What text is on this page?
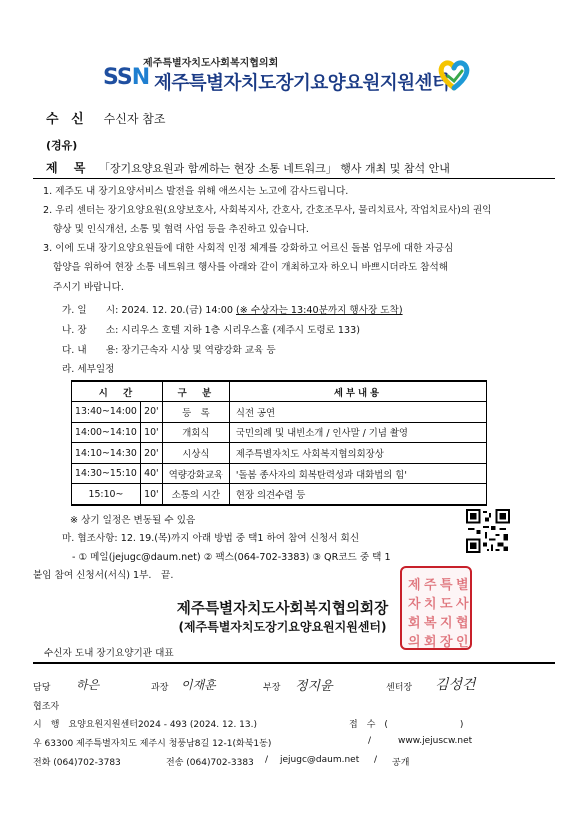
제주특별자치도사회복지협의회
SSN 제주특별자치도장기요양요원지원센터
수 신 수신자 참조
(경유)
제 목 「장기요양요원과 함께하는 현장 소통 네트워크」 행사 개최 및 참석 안내
1. 제주도 내 장기요양서비스 발전을 위해 애쓰시는 노고에 감사드립니다.
2. 우리 센터는 장기요양요원(요양보호사, 사회복지사, 간호사, 간호조무사, 물리치료사, 작업치료사)의 권익
향상 및 인식개선, 소통 및 협력 사업 등을 추진하고 있습니다.
3. 이에 도내 장기요양요원들에 대한 사회적 인정 체계를 강화하고 어르신 돌봄 업무에 대한 자긍심
함양을 위하여 현장 소통 네트워크 행사를 아래와 같이 개최하고자 하오니 바쁘시더라도 참석해
주시기 바랍니다.
가. 일　　시: 2024. 12. 20.(금) 14:00 (※ 수상자는 13:40분까지 행사장 도착)
나. 장　　소: 시리우스 호텔 지하 1층 시리우스홀 (제주시 도령로 133)
다. 내　　용: 장기근속자 시상 및 역량강화 교육 등
라. 세부일정
시　간		구　분	세부내용
13:40~14:00	20'	등　록	식전 공연
14:00~14:10	10'	개회식	국민의례 및 내빈소개 / 인사말 / 기념 촬영
14:10~14:30	20'	시상식	제주특별자치도 사회복지협의회장상
14:30~15:10	40'	역량강화교육	'돌봄 종사자의 회복탄력성과 대화법의 힘'
15:10~	10'	소통의 시간	현장 의견수렴 등
※ 상기 일정은 변동될 수 있음
마. 협조사항: 12. 19.(목)까지 아래 방법 중 택1 하여 참여 신청서 회신
- ① 메일(jejugc@daum.net) ② 팩스(064-702-3383) ③ QR코드 중 택 1
붙임 참여 신청서(서식) 1부.　끝.
제 주 특 별
자 치 도 사
회 복 지 협
의 회 장 인
제주특별자치도사회복지협의회장
(제주특별자치도장기요양요원지원센터)
수신자 도내 장기요양기관 대표
담당 하은	과장 이재훈	부장 정지윤	센터장 김성건
협조자
시　행　요양요원지원센터2024 - 493 (2024. 12. 13.)	접　수　(　　　　　　　　)
우 63300 제주특별자치도 제주시 청풍남8길 12-1(화북1동)	/	www.jejuscw.net
전화 (064)702-3783	전송 (064)702-3383 / jejugc@daum.net / 공개
